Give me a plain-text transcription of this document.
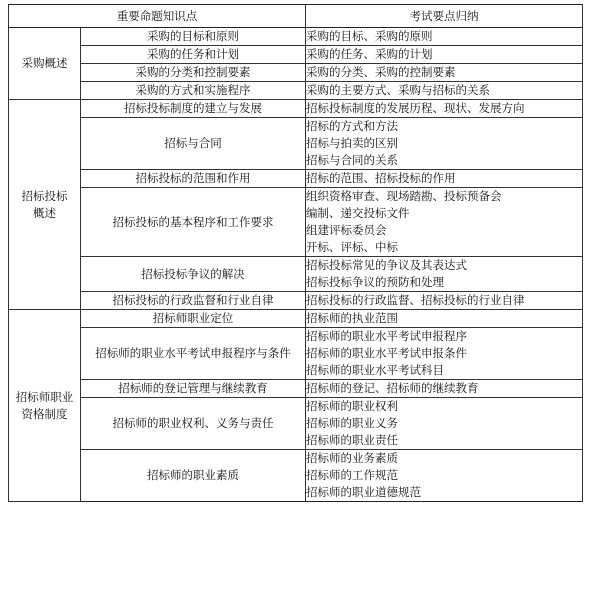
重要命题知识点		考试要点归纳

采购概述	采购的目标和原则	采购的目标、采购的原则

	采购的任务和计划	采购的任务、采购的计划

	采购的分类和控制要素	采购的分类、采购的控制要素

	采购的方式和实施程序	采购的主要方式、采购与招标的关系

招标投标
概述	招标投标制度的建立与发展	招标投标制度的发展历程、现状、发展方向

	招标与合同	招标的方式和方法
招标与拍卖的区别
招标与合同的关系

	招标投标的范围和作用	招标的范围、招标投标的作用

	招标投标的基本程序和工作要求	组织资格审查、现场踏勘、投标预备会
编制、递交投标文件
组建评标委员会
开标、评标、中标

	招标投标争议的解决	招标投标常见的争议及其表达式
招标投标争议的预防和处理

	招标投标的行政监督和行业自律	招标投标的行政监督、招标投标的行业自律

招标师职业
资格制度	招标师职业定位	招标师的执业范围

	招标师的职业水平考试申报程序与条件	招标师的职业水平考试申报程序
招标师的职业水平考试申报条件
招标师的职业水平考试科目

	招标师的登记管理与继续教育	招标师的登记、招标师的继续教育

	招标师的职业权利、义务与责任	招标师的职业权利
招标师的职业义务
招标师的职业责任

	招标师的职业素质	招标师的业务素质
招标师的工作规范
招标师的职业道德规范
